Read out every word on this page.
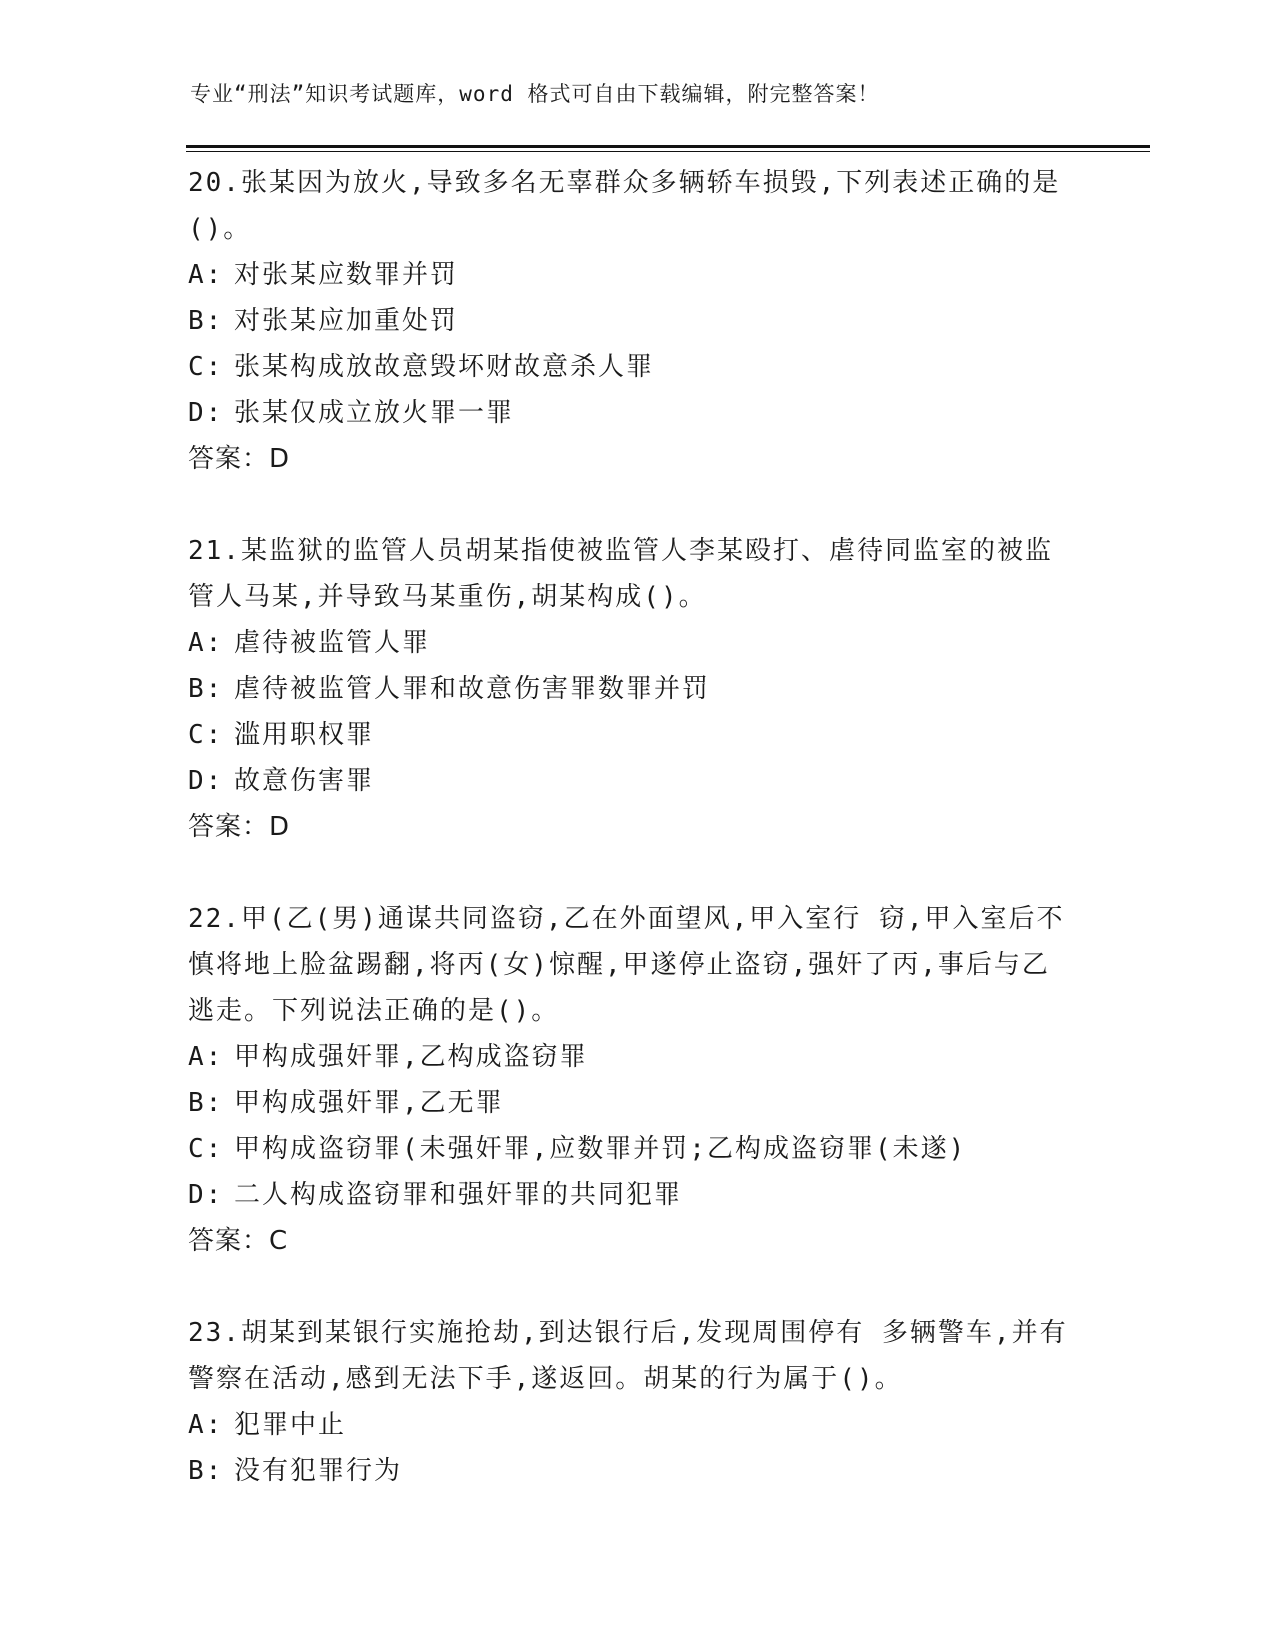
专业“刑法”知识考试题库，word 格式可自由下载编辑，附完整答案！

20.张某因为放火,导致多名无辜群众多辆轿车损毁,下列表述正确的是
()。

A: 对张某应数罪并罚
B: 对张某应加重处罚
C: 张某构成放故意毁坏财故意杀人罪
D: 张某仅成立放火罪一罪
答案：D

21.某监狱的监管人员胡某指使被监管人李某殴打、虐待同监室的被监
管人马某,并导致马某重伤,胡某构成()。

A: 虐待被监管人罪
B: 虐待被监管人罪和故意伤害罪数罪并罚
C: 滥用职权罪
D: 故意伤害罪
答案：D

22.甲(乙(男)通谋共同盗窃,乙在外面望风,甲入室行 窃,甲入室后不
慎将地上脸盆踢翻,将丙(女)惊醒,甲遂停止盗窃,强奸了丙,事后与乙
逃走。下列说法正确的是()。

A: 甲构成强奸罪,乙构成盗窃罪
B: 甲构成强奸罪,乙无罪
C: 甲构成盗窃罪(未强奸罪,应数罪并罚;乙构成盗窃罪(未遂)
D: 二人构成盗窃罪和强奸罪的共同犯罪
答案：C

23.胡某到某银行实施抢劫,到达银行后,发现周围停有 多辆警车,并有
警察在活动,感到无法下手,遂返回。胡某的行为属于()。

A: 犯罪中止
B: 没有犯罪行为
